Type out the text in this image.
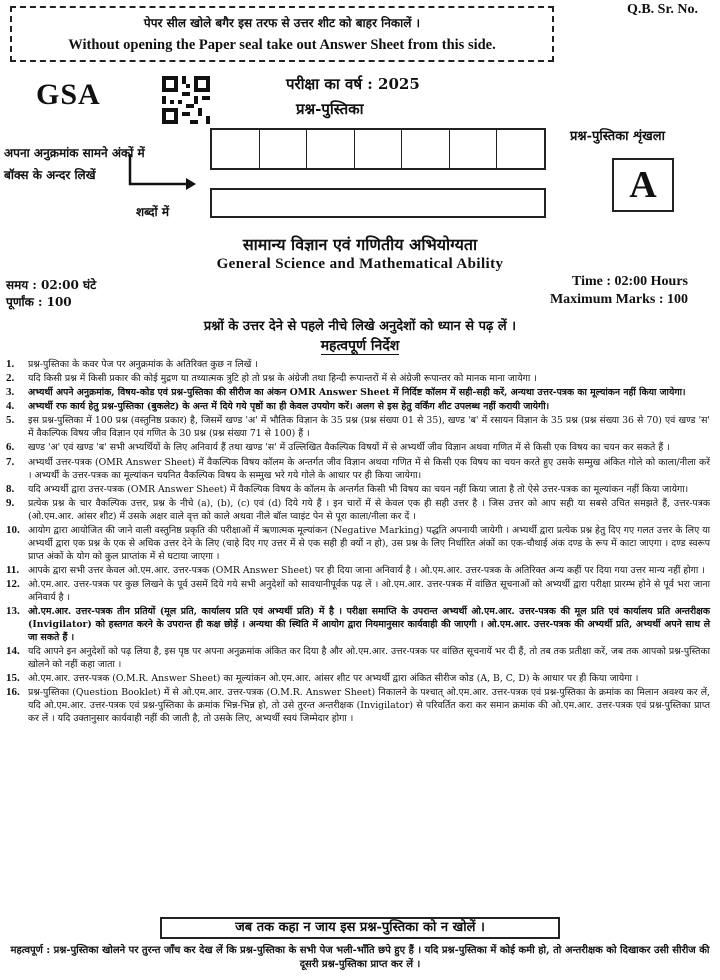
Q.B. Sr. No.
पेपर सील खोले बगैर इस तरफ से उत्तर शीट को बाहर निकालें ।
Without opening the Paper seal take out Answer Sheet from this side.
GSA	परीक्षा का वर्ष : 2025
प्रश्न-पुस्तिका
अपना अनुक्रमांक सामने अंकों में
बॉक्स के अन्दर लिखें
शब्दों में
प्रश्न-पुस्तिका शृंखला
A
सामान्य विज्ञान एवं गणितीय अभियोग्यता
General Science and Mathematical Ability
समय : 02:00 घंटे
पूर्णांक : 100
Time : 02:00 Hours
Maximum Marks : 100
प्रश्नों के उत्तर देने से पहले नीचे लिखे अनुदेशों को ध्यान से पढ़ लें ।
महत्वपूर्ण निर्देश
1.	प्रश्न-पुस्तिका के कवर पेज पर अनुक्रमांक के अतिरिक्त कुछ न लिखें ।
2.	यदि किसी प्रश्न में किसी प्रकार की कोई मुद्रण या तथ्यात्मक त्रुटि हो तो प्रश्न के अंग्रेजी तथा हिन्दी रूपान्तरों में से अंग्रेजी रूपान्तर को मानक माना जायेगा ।
3.	अभ्यर्थी अपने अनुक्रमांक, विषय-कोड एवं प्रश्न-पुस्तिका की सीरीज का अंकन OMR Answer Sheet में निर्दिष्ट कॉलम में सही-सही करें, अन्यथा उत्तर-पत्रक का मूल्यांकन नहीं किया जायेगा।
4.	अभ्यर्थी रफ कार्य हेतु प्रश्न-पुस्तिका (बुकलेट) के अन्त में दिये गये पृष्ठों का ही केवल उपयोग करें। अलग से इस हेतु वर्किंग शीट उपलब्ध नहीं करायी जायेगी।
5.	इस प्रश्न-पुस्तिका में 100 प्रश्न (वस्तुनिष्ठ प्रकार) है, जिसमें खण्ड 'अ' में भौतिक विज्ञान के 35 प्रश्न (प्रश्न संख्या 01 से 35), खण्ड 'ब' में रसायन विज्ञान के 35 प्रश्न (प्रश्न संख्या 36 से 70) एवं खण्ड 'स' में वैकल्पिक विषय जीव विज्ञान एवं गणित के 30 प्रश्न (प्रश्न संख्या 71 से 100) हैं ।
6.	खण्ड 'अ' एवं खण्ड 'ब' सभी अभ्यर्थियों के लिए अनिवार्य हैं तथा खण्ड 'स' में उल्लिखित वैकल्पिक विषयों में से अभ्यर्थी जीव विज्ञान अथवा गणित में से किसी एक विषय का चयन कर सकते हैं ।
7.	अभ्यर्थी उत्तर-पत्रक (OMR Answer Sheet) में वैकल्पिक विषय कॉलम के अन्तर्गत जीव विज्ञान अथवा गणित में से किसी एक विषय का चयन करते हुए उसके सम्मुख अंकित गोले को काला/नीला करें । अभ्यर्थी के उत्तर-पत्रक का मूल्यांकन चयनित वैकल्पिक विषय के सम्मुख भरे गये गोले के आधार पर ही किया जायेगा।
8.	यदि अभ्यर्थी द्वारा उत्तर-पत्रक (OMR Answer Sheet) में वैकल्पिक विषय के कॉलम के अन्तर्गत किसी भी विषय का चयन नहीं किया जाता है तो ऐसे उत्तर-पत्रक का मूल्यांकन नहीं किया जायेगा।
9.	प्रत्येक प्रश्न के चार वैकल्पिक उत्तर, प्रश्न के नीचे (a), (b), (c) एवं (d) दिये गये हैं । इन चारों में से केवल एक ही सही उत्तर है । जिस उत्तर को आप सही या सबसे उचित समझते हैं, उत्तर-पत्रक (ओ.एम.आर. आंसर शीट) में उसके अक्षर वाले वृत्त को काले अथवा नीले बॉल प्वाइंट पेन से पूरा काला/नीला कर दें ।
10. आयोग द्वारा आयोजित की जाने वाली वस्तुनिष्ठ प्रकृति की परीक्षाओं में ऋणात्मक मूल्यांकन (Negative Marking) पद्धति अपनायी जायेगी । अभ्यर्थी द्वारा प्रत्येक प्रश्न हेतु दिए गए गलत उत्तर के लिए या अभ्यर्थी द्वारा एक प्रश्न के एक से अधिक उत्तर देने के लिए (चाहे दिए गए उत्तर में से एक सही ही क्यों न हो), उस प्रश्न के लिए निर्धारित अंकों का एक-चौथाई अंक दण्ड के रूप में काटा जाएगा । दण्ड स्वरूप प्राप्त अंकों के योग को कुल प्राप्तांक में से घटाया जाएगा ।
11. आपके द्वारा सभी उत्तर केवल ओ.एम.आर. उत्तर-पत्रक (OMR Answer Sheet) पर ही दिया जाना अनिवार्य है । ओ.एम.आर. उत्तर-पत्रक के अतिरिक्त अन्य कहीं पर दिया गया उत्तर मान्य नहीं होगा ।
12. ओ.एम.आर. उत्तर-पत्रक पर कुछ लिखने के पूर्व उसमें दिये गये सभी अनुदेशों को सावधानीपूर्वक पढ़ लें । ओ.एम.आर. उत्तर-पत्रक में वांछित सूचनाओं को अभ्यर्थी द्वारा परीक्षा प्रारम्भ होने से पूर्व भरा जाना अनिवार्य है ।
13. ओ.एम.आर. उत्तर-पत्रक तीन प्रतियों (मूल प्रति, कार्यालय प्रति एवं अभ्यर्थी प्रति) में है । परीक्षा समाप्ति के उपरान्त अभ्यर्थी ओ.एम.आर. उत्तर-पत्रक की मूल प्रति एवं कार्यालय प्रति अन्तरीक्षक (Invigilator) को हस्तगत करने के उपरान्त ही कक्ष छोड़ें । अन्यथा की स्थिति में आयोग द्वारा नियमानुसार कार्यवाही की जाएगी । ओ.एम.आर. उत्तर-पत्रक की अभ्यर्थी प्रति, अभ्यर्थी अपने साथ ले जा सकते हैं ।
14. यदि आपने इन अनुदेशों को पढ़ लिया है, इस पृष्ठ पर अपना अनुक्रमांक अंकित कर दिया है और ओ.एम.आर. उत्तर-पत्रक पर वांछित सूचनायें भर दी हैं, तो तब तक प्रतीक्षा करें, जब तक आपको प्रश्न-पुस्तिका खोलने को नहीं कहा जाता ।
15. ओ.एम.आर. उत्तर-पत्रक (O.M.R. Answer Sheet) का मूल्यांकन ओ.एम.आर. आंसर शीट पर अभ्यर्थी द्वारा अंकित सीरीज कोड (A, B, C, D) के आधार पर ही किया जायेगा ।
16. प्रश्न-पुस्तिका (Question Booklet) में से ओ.एम.आर. उत्तर-पत्रक (O.M.R. Answer Sheet) निकालने के पश्चात् ओ.एम.आर. उत्तर-पत्रक एवं प्रश्न-पुस्तिका के क्रमांक का मिलान अवश्य कर लें, यदि ओ.एम.आर. उत्तर-पत्रक एवं प्रश्न-पुस्तिका के क्रमांक भिन्न-भिन्न हो, तो उसे तुरन्त अन्तरीक्षक (Invigilator) से परिवर्तित करा कर समान क्रमांक की ओ.एम.आर. उत्तर-पत्रक एवं प्रश्न-पुस्तिका प्राप्त कर लें । यदि उक्तानुसार कार्यवाही नहीं की जाती है, तो उसके लिए, अभ्यर्थी स्वयं जिम्मेदार होगा ।
जब तक कहा न जाय इस प्रश्न-पुस्तिका को न खोलें ।
महत्वपूर्ण : प्रश्न-पुस्तिका खोलने पर तुरन्त जाँच कर देख लें कि प्रश्न-पुस्तिका के सभी पेज भली-भाँति छपे हुए हैं । यदि प्रश्न-पुस्तिका में कोई कमी हो, तो अन्तरीक्षक को दिखाकर उसी सीरीज की दूसरी प्रश्न-पुस्तिका प्राप्त कर लें ।
